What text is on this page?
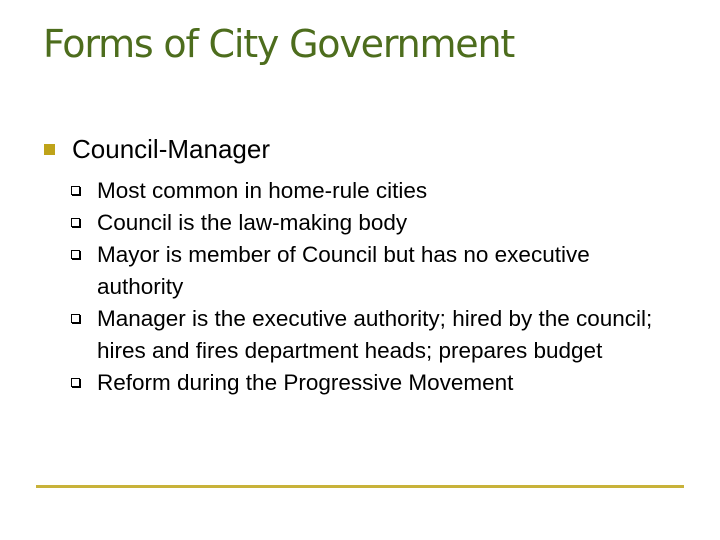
Forms of City Government
Council-Manager
Most common in home-rule cities
Council is the law-making body
Mayor is member of Council but has no executive authority
Manager is the executive authority; hired by the council; hires and fires department heads; prepares budget
Reform during the Progressive Movement
